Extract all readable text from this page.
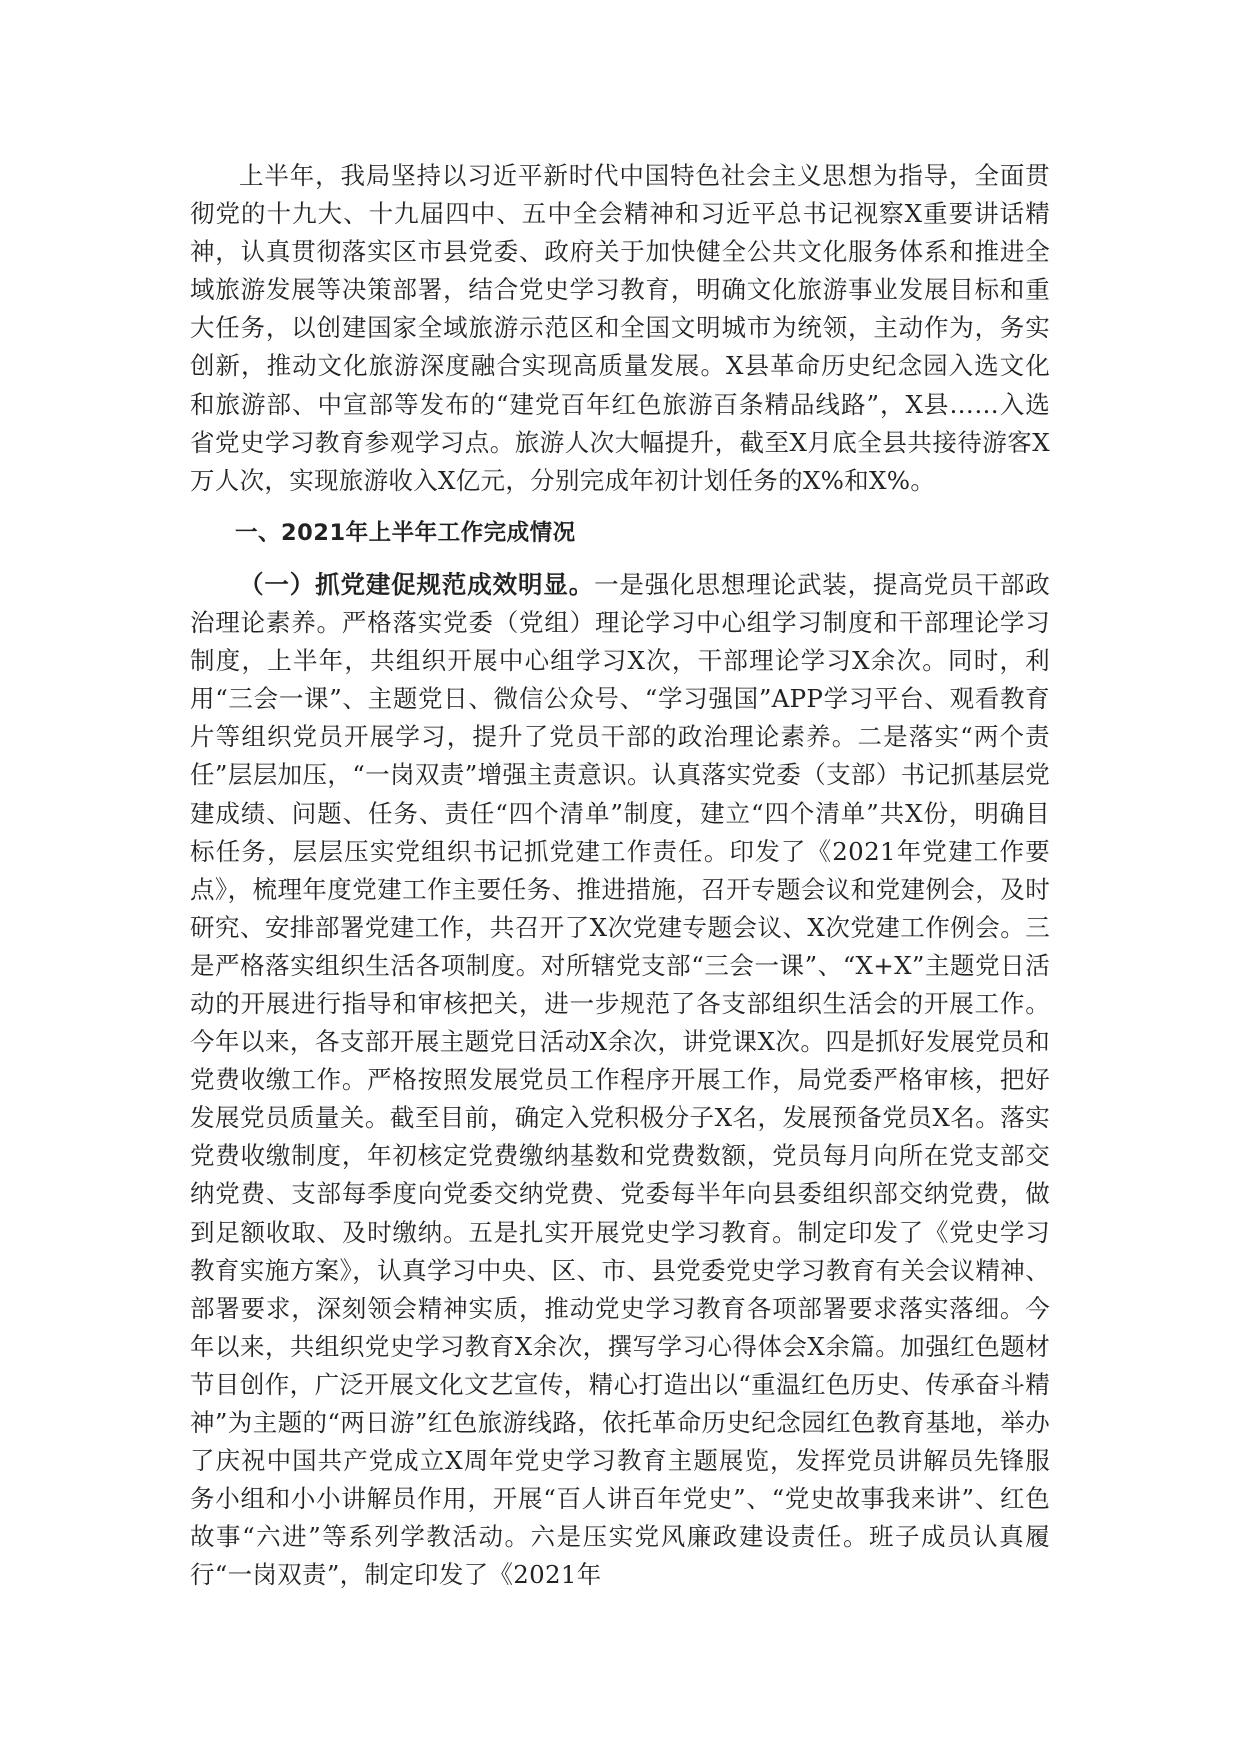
上半年，我局坚持以习近平新时代中国特色社会主义思想为指导，全面贯彻党的十九大、十九届四中、五中全会精神和习近平总书记视察X重要讲话精神，认真贯彻落实区市县党委、政府关于加快健全公共文化服务体系和推进全域旅游发展等决策部署，结合党史学习教育，明确文化旅游事业发展目标和重大任务，以创建国家全域旅游示范区和全国文明城市为统领，主动作为，务实创新，推动文化旅游深度融合实现高质量发展。X县革命历史纪念园入选文化和旅游部、中宣部等发布的“建党百年红色旅游百条精品线路”，X县……入选省党史学习教育参观学习点。旅游人次大幅提升，截至X月底全县共接待游客X万人次，实现旅游收入X亿元，分别完成年初计划任务的X%和X%。

一、2021年上半年工作完成情况

（一）抓党建促规范成效明显。一是强化思想理论武装，提高党员干部政治理论素养。严格落实党委（党组）理论学习中心组学习制度和干部理论学习制度，上半年，共组织开展中心组学习X次，干部理论学习X余次。同时，利用“三会一课”、主题党日、微信公众号、“学习强国”APP学习平台、观看教育片等组织党员开展学习，提升了党员干部的政治理论素养。二是落实“两个责任”层层加压，“一岗双责”增强主责意识。认真落实党委（支部）书记抓基层党建成绩、问题、任务、责任“四个清单”制度，建立“四个清单”共X份，明确目标任务，层层压实党组织书记抓党建工作责任。印发了《2021年党建工作要点》，梳理年度党建工作主要任务、推进措施，召开专题会议和党建例会，及时研究、安排部署党建工作，共召开了X次党建专题会议、X次党建工作例会。三是严格落实组织生活各项制度。对所辖党支部“三会一课”、“X+X”主题党日活动的开展进行指导和审核把关，进一步规范了各支部组织生活会的开展工作。今年以来，各支部开展主题党日活动X余次，讲党课X次。四是抓好发展党员和党费收缴工作。严格按照发展党员工作程序开展工作，局党委严格审核，把好发展党员质量关。截至目前，确定入党积极分子X名，发展预备党员X名。落实党费收缴制度，年初核定党费缴纳基数和党费数额，党员每月向所在党支部交纳党费、支部每季度向党委交纳党费、党委每半年向县委组织部交纳党费，做到足额收取、及时缴纳。五是扎实开展党史学习教育。制定印发了《党史学习教育实施方案》，认真学习中央、区、市、县党委党史学习教育有关会议精神、部署要求，深刻领会精神实质，推动党史学习教育各项部署要求落实落细。今年以来，共组织党史学习教育X余次，撰写学习心得体会X余篇。加强红色题材节目创作，广泛开展文化文艺宣传，精心打造出以“重温红色历史、传承奋斗精神”为主题的“两日游”红色旅游线路，依托革命历史纪念园红色教育基地，举办了庆祝中国共产党成立X周年党史学习教育主题展览，发挥党员讲解员先锋服务小组和小小讲解员作用，开展“百人讲百年党史”、“党史故事我来讲”、红色故事“六进”等系列学教活动。六是压实党风廉政建设责任。班子成员认真履行“一岗双责”，制定印发了《2021年
